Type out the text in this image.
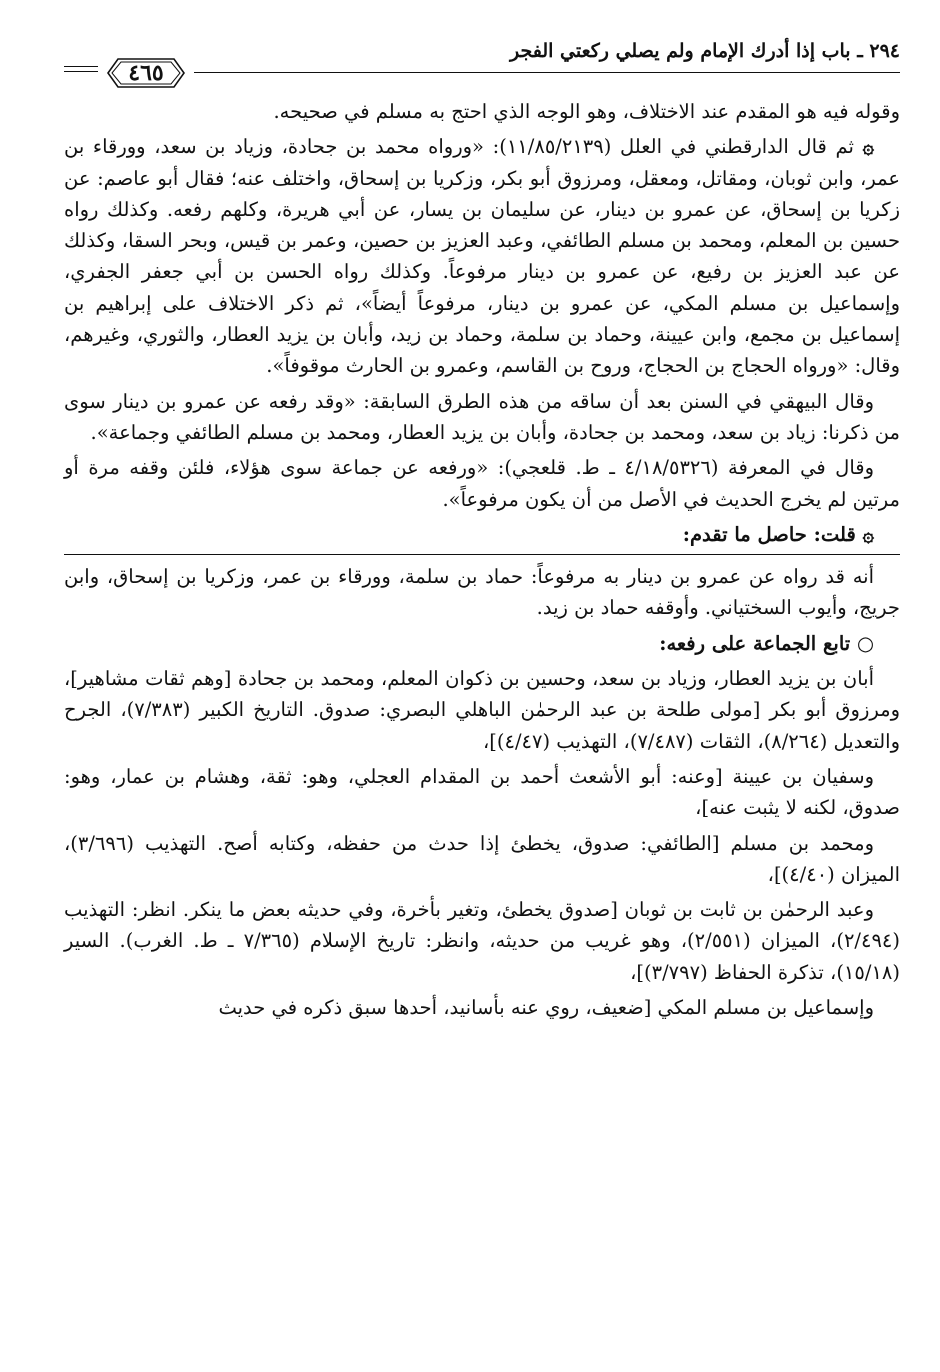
٢٩٤ ـ باب إذا أدرك الإمام ولم يصلي ركعتي الفجر
٤٦٥

وقوله فيه هو المقدم عند الاختلاف، وهو الوجه الذي احتج به مسلم في صحيحه.

۞ ثم قال الدارقطني في العلل (١١/٨٥/٢١٣٩): «ورواه محمد بن جحادة، وزياد بن سعد، وورقاء بن عمر، وابن ثوبان، ومقاتل، ومعقل، ومرزوق أبو بكر، وزكريا بن إسحاق، واختلف عنه؛ فقال أبو عاصم: عن زكريا بن إسحاق، عن عمرو بن دينار، عن سليمان بن يسار، عن أبي هريرة، وكلهم رفعه. وكذلك رواه حسين بن المعلم، ومحمد بن مسلم الطائفي، وعبد العزيز بن حصين، وعمر بن قيس، وبحر السقا، وكذلك عن عبد العزيز بن رفيع، عن عمرو بن دينار مرفوعاً. وكذلك رواه الحسن بن أبي جعفر الجفري، وإسماعيل بن مسلم المكي، عن عمرو بن دينار، مرفوعاً أيضاً»، ثم ذكر الاختلاف على إبراهيم بن إسماعيل بن مجمع، وابن عيينة، وحماد بن سلمة، وحماد بن زيد، وأبان بن يزيد العطار، والثوري، وغيرهم، وقال: «ورواه الحجاج بن الحجاج، وروح بن القاسم، وعمرو بن الحارث موقوفاً».

وقال البيهقي في السنن بعد أن ساقه من هذه الطرق السابقة: «وقد رفعه عن عمرو بن دينار سوى من ذكرنا: زياد بن سعد، ومحمد بن جحادة، وأبان بن يزيد العطار، ومحمد بن مسلم الطائفي وجماعة».

وقال في المعرفة (٤/١٨/٥٣٢٦ ـ ط. قلعجي): «ورفعه عن جماعة سوى هؤلاء، فلئن وقفه مرة أو مرتين لم يخرج الحديث في الأصل من أن يكون مرفوعاً».

۞ قلت: حاصل ما تقدم:

أنه قد رواه عن عمرو بن دينار به مرفوعاً: حماد بن سلمة، وورقاء بن عمر، وزكريا بن إسحاق، وابن جريج، وأيوب السختياني. وأوقفه حماد بن زيد.

○ تابع الجماعة على رفعه:

أبان بن يزيد العطار، وزياد بن سعد، وحسين بن ذكوان المعلم، ومحمد بن جحادة [وهم ثقات مشاهير]، ومرزوق أبو بكر [مولى طلحة بن عبد الرحمٰن الباهلي البصري: صدوق. التاريخ الكبير (٧/٣٨٣)، الجرح والتعديل (٨/٢٦٤)، الثقات (٧/٤٨٧)، التهذيب (٤/٤٧)]،

وسفيان بن عيينة [وعنه: أبو الأشعث أحمد بن المقدام العجلي، وهو: ثقة، وهشام بن عمار، وهو: صدوق، لكنه لا يثبت عنه]،

ومحمد بن مسلم [الطائفي: صدوق، يخطئ إذا حدث من حفظه، وكتابه أصح. التهذيب (٣/٦٩٦)، الميزان (٤/٤٠)]،

وعبد الرحمٰن بن ثابت بن ثوبان [صدوق يخطئ، وتغير بأخرة، وفي حديثه بعض ما ينكر. انظر: التهذيب (٢/٤٩٤)، الميزان (٢/٥٥١)، وهو غريب من حديثه، وانظر: تاريخ الإسلام (٧/٣٦٥ ـ ط. الغرب). السير (١٥/١٨)، تذكرة الحفاظ (٣/٧٩٧)]،

وإسماعيل بن مسلم المكي [ضعيف، روي عنه بأسانيد، أحدها سبق ذكره في حديث
